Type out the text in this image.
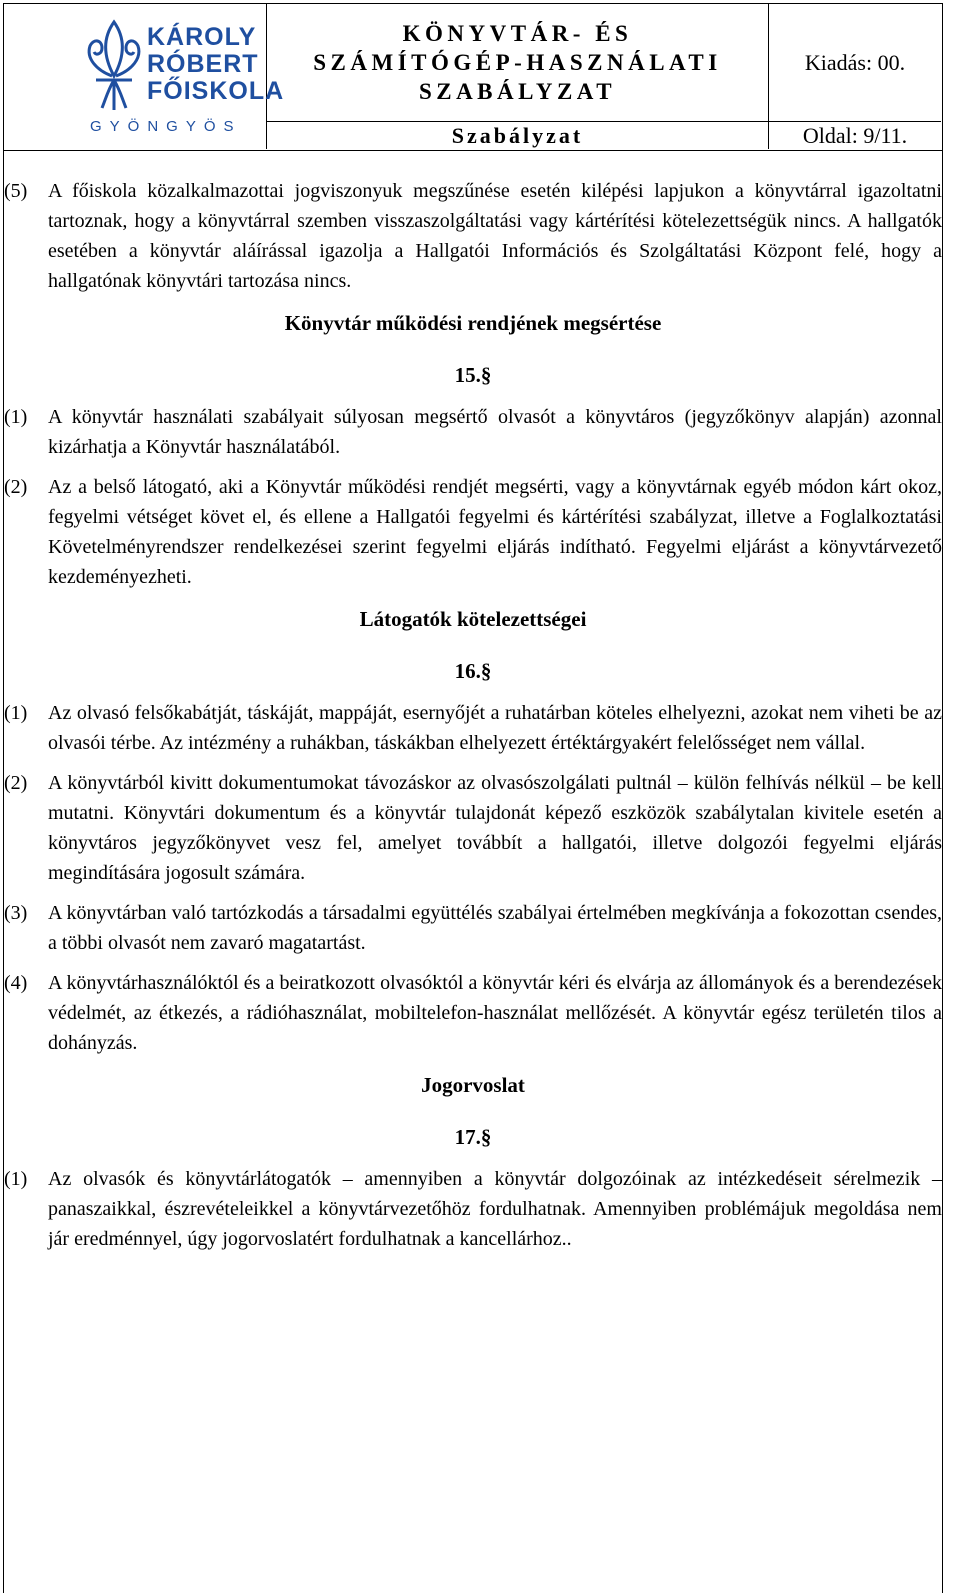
KÁROLY
RÓBERT
FŐISKOLA
GYÖNGYÖS
KÖNYVTÁR- ÉS
SZÁMÍTÓGÉP-HASZNÁLATI
SZABÁLYZAT
Kiadás: 00.
Szabályzat	Oldal: 9/11.
(5) A főiskola közalkalmazottai jogviszonyuk megszűnése esetén kilépési lapjukon a könyvtárral igazoltatni tartoznak, hogy a könyvtárral szemben visszaszolgáltatási vagy kártérítési kötelezettségük nincs. A hallgatók esetében a könyvtár aláírással igazolja a Hallgatói Információs és Szolgáltatási Központ felé, hogy a hallgatónak könyvtári tartozása nincs.
Könyvtár működési rendjének megsértése
15.§
(1) A könyvtár használati szabályait súlyosan megsértő olvasót a könyvtáros (jegyzőkönyv alapján) azonnal kizárhatja a Könyvtár használatából.
(2) Az a belső látogató, aki a Könyvtár működési rendjét megsérti, vagy a könyvtárnak egyéb módon kárt okoz, fegyelmi vétséget követ el, és ellene a Hallgatói fegyelmi és kártérítési szabályzat, illetve a Foglalkoztatási Követelményrendszer rendelkezései szerint fegyelmi eljárás indítható. Fegyelmi eljárást a könyvtárvezető kezdeményezheti.
Látogatók kötelezettségei
16.§
(1) Az olvasó felsőkabátját, táskáját, mappáját, esernyőjét a ruhatárban köteles elhelyezni, azokat nem viheti be az olvasói térbe. Az intézmény a ruhákban, táskákban elhelyezett értéktárgyakért felelősséget nem vállal.
(2) A könyvtárból kivitt dokumentumokat távozáskor az olvasószolgálati pultnál – külön felhívás nélkül – be kell mutatni. Könyvtári dokumentum és a könyvtár tulajdonát képező eszközök szabálytalan kivitele esetén a könyvtáros jegyzőkönyvet vesz fel, amelyet továbbít a hallgatói, illetve dolgozói fegyelmi eljárás megindítására jogosult számára.
(3) A könyvtárban való tartózkodás a társadalmi együttélés szabályai értelmében megkívánja a fokozottan csendes, a többi olvasót nem zavaró magatartást.
(4) A könyvtárhasználóktól és a beiratkozott olvasóktól a könyvtár kéri és elvárja az állományok és a berendezések védelmét, az étkezés, a rádióhasználat, mobiltelefon-használat mellőzését. A könyvtár egész területén tilos a dohányzás.
Jogorvoslat
17.§
(1) Az olvasók és könyvtárlátogatók – amennyiben a könyvtár dolgozóinak az intézkedéseit sérelmezik – panaszaikkal, észrevételeikkel a könyvtárvezetőhöz fordulhatnak. Amennyiben problémájuk megoldása nem jár eredménnyel, úgy jogorvoslatért fordulhatnak a kancellárhoz..
